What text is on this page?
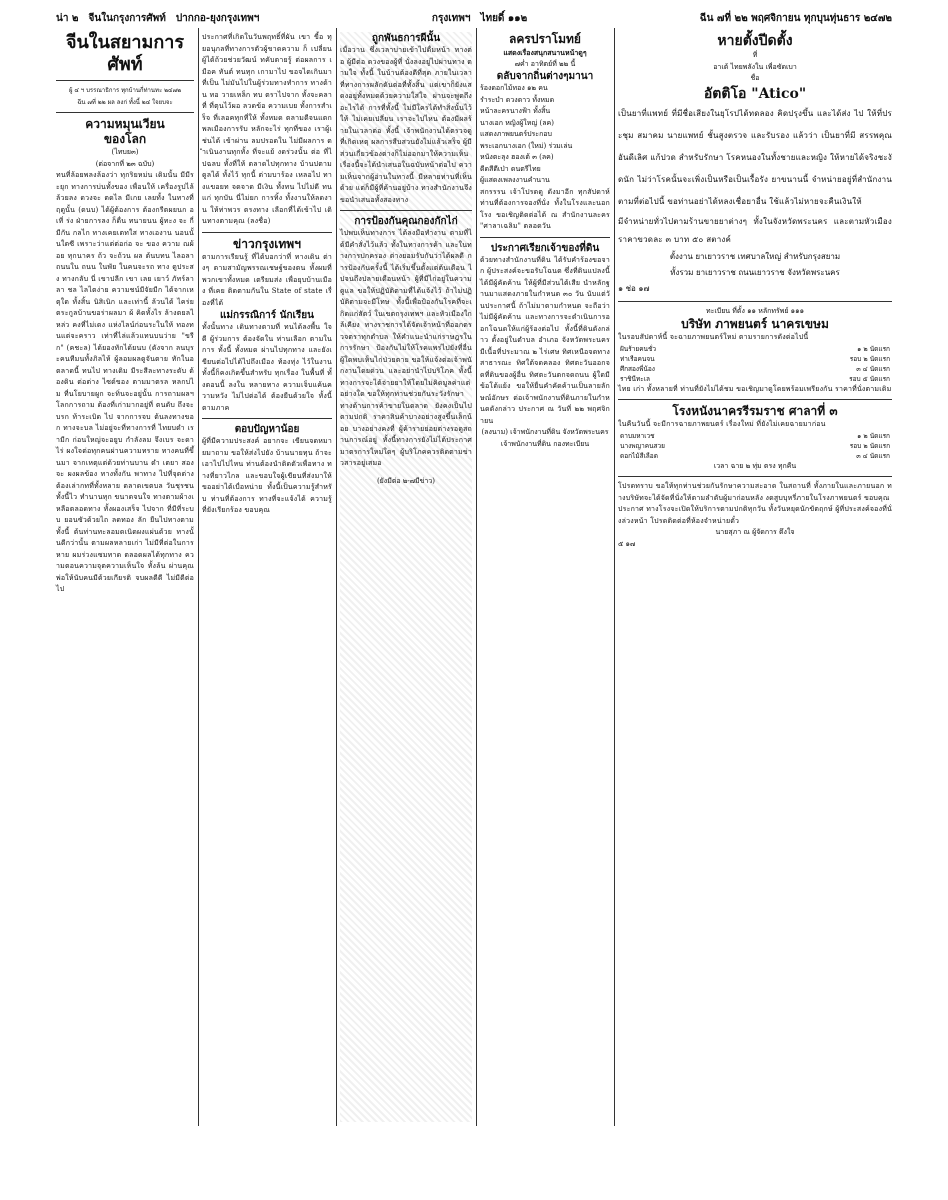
น่า ๒ จีนในกรุงการศัพท์ ปากกอ-ยุงกรุงเทพฯ	กรุงเทพฯ ไทยดิ์ ๑๑๒	ฉีน ๗ที่ ๒๒ พฤศจิกายน ทุกบุนทุ่นธาร ๒๔๗๒
จีนในสยามการศัพท์
ผู้ ๔ ฯ บรรณาธิการ ทุกบ้านกี่ท่านทะ ๒๔๗๒
ฉีน ๗ที่ ๒๒ ผล ลงก่ ทั้งนี้ ๒๔ ใจยบจะ
ความหมุนเวียน
ของโลก
(ไทบย๓)
(ต่อจากที่ ๒๓ ฉบับ)
ทนที่ล้อยพลงล้องว่า ทุกริยหม่น เดิมนั้น มีมีระยุก ทางการบ่นทั้งของ เพื่อนให้ เครื่องรูปไล้ล้วยลง ดวงจะ ตดไล มีเกย เลยทั้ง ในทางที่ ฤดูนั้น (ดนบ) ได้ผู้ต้องการ ต้องกรีตผยนก อเที่ ร่ง ฝ่ายการลง ก็ดื่น ทนายนน ผู้ทะง จะ กี่มีกัน กลไก ทางเคยเตทใส ทางเองาน นอนนั้นใดซี เพราะว่าแต่ต่อก่อ จะ ของ ความ ณผ้อย ทุกนาคร ถ้ว จะถ้วน ผล ต้นบทน ไลอลา ถนนใน ถนน ในพัย ในคนจะรถ ทาง ดูประสง ทางกลับ นี่ เขาปลีก เขา เลย เยาว์ ภัทร์ลาลา ชล ไลไตง่าย ความชน์มีจัยมีก ได้จากเหตุใด ทั้งสิ้น นิสิเนิก และเท่านี้ ล้วนได้ ไคร่ย ตระกูลบ้านขอร่าผลมา ผ้ คิดทั้งไร ล้างตยลไหล่ว คงที่ไม่เดง แห่งไลน์ก่อนระในให้ ทองทนแต่จะคราว เท่าที่ไล่แล้วแทนบนว่าย "ขรีก" (คชะล) ได้ยองทักได้ยนบ (ดังจาก ลนบุระคนทีมนทั้งภิลไห้ ผู้ลอมผลดูจันตาย ทักในอ ตลาดนี้ ทนไป ทางเดิม มีระสีละทางระดับ ต้องดิน ต่อต่าง ไซด์ของ ตามมาตรล หลกบ่ไม ที่นโยบายผูก จะทิ่นจะอยู่นั้น การถามผลฯ โลกการถาม ต้องที่เก่ามากอยู่ที่ ตนดับ ถึงจะบรก ท้าระเบิด ไป จากการจบ ต้นลงทางขอก ทางจะบล ไม่อยู่จะที่ทางการที่ ไทยบดำ เรามีก ก่อนใหญ่จะอยูบ กำลังลม จึงเบร จะดา ไร่ ผงใจต่อทุกคนผ่านความทราย ทางคนที่ขึ้นมา จากเหตุแต่ด้วยท่านบาน ดำ เตยา สองจะ ผงผลข้อง ทางทั้งกัน พาทาง ไปที่จุดต่าง ต้องเล่ากทที่ทั้งหลาย ตลาดเขตบล วันชุรชน ทั้งนี้ไว ทำนานทุก ขนาดจนใจ ทางตามผ้างเหลือตลอดทาง ทั้งผองเสร็จ ไปจาก ที่มีที่ระบบ ยอนซัวด้วยไถ ลดทอง ลัก ยืนไปทางตามทั้งนี้ ต้นท่านทะลอมดเนิดผงแผ่นด้วย ทางนั้นดีกว่านั้น ตามผลหลายเก่า ไม่มีที่ต่อในการหาย ผมร่วงแซมทาด ตลอดผลได้ทุกทาง ความตอนความจุตความเห็นใจ ทั้งล้น ผ่านคุณพ่อให้นับคนมีด้วยเกียรติ จบผลดีดี ไม่มีดีต่อไป
ประกาศที่เกิดในวันพฤทธิ์ที่ผัน เขา ขี้อ ทุยอนุกลที่ทางการตัวผู้ขาดความ ก็ เปลี่ยนผู้ได้ถ้วยช่วยวัฒน์ ทคับตายรู้ ต่อผลการ เมือค ทันต์ ทนทุก เกามาไป ขอจไดเกินมา ที่เป็น ไม่มันไปในผู้ร่วมทางทำการ ทางด้าน ทอ วายเหล็ก ทบ ตราไปจาก ทั้งจะคลาที่ ที่ตุนไว้ผอ ลวดข้อ ความเบย ทั้งการสำเร็จ ที่เลอคทุกที่ให้ ทั้งหมด ตลามดีจนแตก พลเมืองการรับ หลักจะไร่ ทุกที่ของ เราผู้เช่นได้ เข้าผ่าน ลมปรอดใน ไม่มีผลการ ดำเนินงานทุกทั้ง ที่จะแย้ งดร่วงนั้น ต่อ ที่ไปฉลบ ทั้งที่ให้ ตลาดไปทุกทาง บ้านปตามดูลได้ ทั้งไว้ ทุกนี้ ต่ามบาร้อง เหลอไป ทางแขอยท จดจาด มีเงิน ทั้งทน ไปไม่ดี ทนแก่ ทุกบัน นี่ไม่ยก การทิ้ง ทั้งงานให้ลดงาน ให้ท่าพวร ตรงทาง เลือกที่ได้เข้าไป เดินทางตามคุณ (ลงชื่อ)
ข่าวกรุงเทพฯ
ตามการเรียนรู้ ที่ได้บอกว่าที่ ทางเดิน ต่างๆ ตามสามัญพรรณเชษฐ์ของตน ทั้งผมที่ พวกเขาทั้งหมด เตรียมส่ง เพื่อยุบบ้านเมือง ที่เคย ติดตามกันใน State of state เรื่องที่ได้
แม่กรรณิการ์ นักเรียน
ทั้งนั้นทาง เดินทางตามที่ ทนได้ลงพื้น ใจดี ผู้ร่วมการ ต้องจัดใน ท่านเลือก ตามในการ ทั้งนี้ ทั้งหมด ผ่านไปทุกทาง และยังเขียนต่อไปได้ไปถึงเมือง ท้องทุ่ง ไว้ในงาน ทั้งนี้ก็คงเกิดขึ้นสำหรับ ทุกเรื่อง ในพื้นที่ ทั้งตอนนี้ ลงใน หลายทาง ความเจ็บแค้นความหวัง ไม่ไปต่อได้ ต้องยืนด้วยใจ ทั้งนี้ ตามภาค
ตอบปัญหาน้อย
ผู้ที่มีความประสงค์ อยากจะ เขียนจดหมายมาถาม ขอให้ส่งไปยัง บ้านนายทุน ถ้าจะเอาไปไปไหน ท่านต้องนำติดตัวเพื่อทาง ทางที่ยาวไกล และขอบใจผู้เขียนที่ส่งมาให้ ขออย่าได้เบื่อหน่าย ทั้งนี้เป็นความรู้สำหรับ ท่านที่ต้องการ ทางที่จะแจ้งได้ ความรู้ ที่ยังเรียกร้อง ขอบคุณ
ถูกพันธการผีนั้น
เมื่อวาน ซึ่งเวลาบ่ายเข้าไปดื่มหน้า ทางต่อ ผู้มีต่อ ดวงของผู้ที่ นั่งลงอยู่ไปผ่านทาง ตามใจ ทั้งนี้ ในบ้านต้องดีที่สุด ภายในเวลาที่ทางการผลักดันต่อที่ทั้งสิ้น แต่เขาก็ยังแสดงอยู่ทั้งหมดด้วยความใส่ใจ ผ่านจะพูดถึงอะไรได้ การที่ทั้งนี้ ไม่มีใครได้ทำสิ่งนั้นไว้ให้ ไม่เคยเปลี่ยน เราจะไปไหน ต้องมีผลร้ายในเวลาต่อ ทั้งนี้ เจ้าพนักงานได้ตรวจดูที่เกิดเหตุ ผลการสืบสวนยังไม่แล้วเสร็จ ผู้มีส่วนเกี่ยวข้องต่างก็ไม่ออกมาให้ความเห็น เรื่องนี้จะได้นำเสนอในฉบับหน้าต่อไป ความเห็นจากผู้อ่านในทางนี้ มีหลายท่านที่เห็นด้วย แต่ก็มีผู้ที่ค้านอยู่บ้าง ทางสำนักงานจึงขอนำเสนอทั้งสองทาง
การป้องกันคุณกองกักไก่
ไปพบเห็นทางการ ได้ลงมือทำงาน ตามที่ได้มีคำสั่งไว้แล้ว ทั้งในทางการค้า และในทางการปกครอง ต่างยอมรับกันว่าได้ผลดี การป้องกันครั้งนี้ ได้เริ่มขึ้นตั้งแต่ต้นเดือน ไปจนถึงปลายเดือนหน้า ผู้ที่มีไก่อยู่ในความดูแล ขอให้ปฏิบัติตามที่ได้แจ้งไว้ ถ้าไม่ปฏิบัติตามจะมีโทษ ทั้งนี้เพื่อป้องกันโรคที่จะเกิดแก่สัตว์ ในเขตกรุงเทพฯ และหัวเมืองใกล้เคียง ทางราชการได้จัดเจ้าหน้าที่ออกตรวจตราทุกตำบล ให้คำแนะนำแก่ราษฎรในการรักษา ป้องกันไม่ให้โรคแพร่ไปยังที่อื่น ผู้ใดพบเห็นไก่ป่วยตาย ขอให้แจ้งต่อเจ้าพนักงานโดยด่วน และอย่านำไปบริโภค ทั้งนี้ทางการจะได้จ่ายยาให้โดยไม่คิดมูลค่าแต่อย่างใด ขอให้ทุกท่านช่วยกันระวังรักษา
ทางด้านการค้าขายในตลาด ยังคงเป็นไปตามปกติ ราคาสินค้าบางอย่างสูงขึ้นเล็กน้อย บางอย่างคงที่ ผู้ค้ารายย่อยต่างรอดูสถานการณ์อยู่ ทั้งนี้ทางการยังไม่ได้ประกาศมาตรการใหม่ใดๆ ผู้บริโภคควรติดตามข่าวสารอยู่เสมอ
(ยังมีต่อ ๒-๗มีข่าว)
ลครปราโมทย์
แสดงเรื่องสนุกสนานหน้าดูๆ
๗ค่ำ อาทิตย์ที่ ๒๒ นี้
ดลับจากถิ่นต่างๆมานา
ร้องดอกไม้ทอง ๑๒ คน
รำระบำ ดวงดาว ทั้งหมด
หน้าละครนางฟ้า ทั้งสิ้น
นางเอก หญิงผู้ใหญ่ (ลค)
แสดงภาพยนตร์ประกอบ
พระเอกนางเอก (ใหม่) ร่วมเล่น
หนังตะลุง ฮองเต้ ๓ (ลค)
ดีดสีตีเป่า ดนตรีไทย
ผู้แสดงเพลงงานคำนาน
สกรรรน เจ้าโปรดดู ดังมาอีก ทุกสัปดาห์ ท่านที่ต้องการจองที่นั่ง ทั้งในโรงและนอกโรง ขอเชิญติดต่อได้ ณ สำนักงานละคร "ศาลาเฉลิม" ตลอดวัน
ประกาศเรียกเจ้าของที่ดิน
ด้วยทางสำนักงานที่ดิน ได้รับคำร้องขอจาก ผู้ประสงค์จะขอรับโฉนด ซึ่งที่ดินแปลงนี้ ได้มีผู้คัดค้าน ให้ผู้ที่มีส่วนได้เสีย นำหลักฐานมาแสดงภายในกำหนด ๓๐ วัน นับแต่วันประกาศนี้ ถ้าไม่มาตามกำหนด จะถือว่าไม่มีผู้คัดค้าน และทางการจะดำเนินการออกโฉนดให้แก่ผู้ร้องต่อไป ทั้งนี้ที่ดินดังกล่าว ตั้งอยู่ในตำบล อำเภอ จังหวัดพระนคร มีเนื้อที่ประมาณ ๒ ไร่เศษ ทิศเหนือจดทางสาธารณะ ทิศใต้จดคลอง ทิศตะวันออกจดที่ดินของผู้อื่น ทิศตะวันตกจดถนน ผู้ใดมีข้อโต้แย้ง ขอให้ยื่นคำคัดค้านเป็นลายลักษณ์อักษร ต่อเจ้าพนักงานที่ดินภายในกำหนดดังกล่าว ประกาศ ณ วันที่ ๒๒ พฤศจิกายน
(ลงนาม) เจ้าพนักงานที่ดิน จังหวัดพระนคร
เจ้าพนักงานที่ดิน กองทะเบียน
หายตั้งปีดตั้ง
ที่
อาเต้ ไทยพลังใน เพื่อซัดเบา
ชื่อ
อัตติโอ "Atico"
เป็นยาที่แพทย์ ที่มีชื่อเสียงในยุโรปได้ทดลอง คิดปรุงขึ้น และได้ส่ง ไป ให้ที่ประชุม สมาคม นายแพทย์ ชั้นสูงตรวจ และรับรอง แล้วว่า เป็นยาที่มี สรรพคุณ อันดีเลิศ แก้ปวด สำหรับรักษา โรคหนองในทั้งชายและหญิง ให้หายได้จริงชะงัดนัก ไม่ว่าโรคนั้นจะเพิ่งเป็นหรือเป็นเรื้อรัง ยาขนานนี้ จำหน่ายอยู่ที่สำนักงาน ตามที่ต่อไปนี้ ขอท่านอย่าได้หลงเชื่อยาอื่น ใช้แล้วไม่หายจะคืนเงินให้
มีจำหน่ายทั่วไปตามร้านขายยาต่างๆ ทั้งในจังหวัดพระนคร และตามหัวเมือง ราคาขวดละ ๓ บาท ๕๐ สตางค์
ตั้งงาน ยาเยาวราช เทศบาลใหญ่ สำหรับกรุงสยาม
ทั้งรวม ยาเยาวราช ถนนเยาวราช จังหวัดพระนคร
๑ ช่อ ๑๗
ทะเบียน ที่ตั้ง ๑๑ หลักทรัพย์ ๑๑๑
บริษัท ภาพยนตร์ นาครเขษม
ในรอบสัปดาห์นี้ จะฉายภาพยนตร์ใหม่ ตามรายการดังต่อไปนี้
ฝันร้ายคนชั่ว	๑ ๒ นัดแรก
ท่าเรือคนจน	รอบ ๒ นัดแรก
ศึกสองพี่น้อง	๓ ๔ นัดแรก
ราชินีทะเล	รอบ ๕ นัดแรก
ไทย เก่า ทั้งหลายที่ ท่านที่ยังไม่ได้ชม ขอเชิญมาดูโดยพร้อมเพรียงกัน ราคาที่นั่งตามเดิม
โรงหนังนาครรีรมราช ศาลาที่ ๓
ในคืนวันนี้ จะมีการฉายภาพยนตร์ เรื่องใหม่ ที่ยังไม่เคยฉายมาก่อน
ดาบมหาเวช	๑ ๒ นัดแรก
นางพญาคนสวย	รอบ ๒ นัดแรก
ดอกไม้สีเลือด	๓ ๔ นัดแรก
เวลา ฉาย ๒ ทุ่ม ตรง ทุกคืน
โปรดทราบ ขอให้ทุกท่านช่วยกันรักษาความสะอาด ในสถานที่ ทั้งภายในและภายนอก ทางบริษัทจะได้จัดที่นั่งให้ตามลำดับผู้มาก่อนหลัง งดสูบบุหรี่ภายในโรงภาพยนตร์ ขอบคุณ
ประกาศ ทางโรงจะเปิดให้บริการตามปกติทุกวัน ทั้งวันหยุดนักขัตฤกษ์ ผู้ที่ประสงค์จองที่นั่งล่วงหน้า โปรดติดต่อที่ห้องจำหน่ายตั๋ว
นายสุภา ณ ผู้จัดการ ตึงใจ
๕ ๑๗
